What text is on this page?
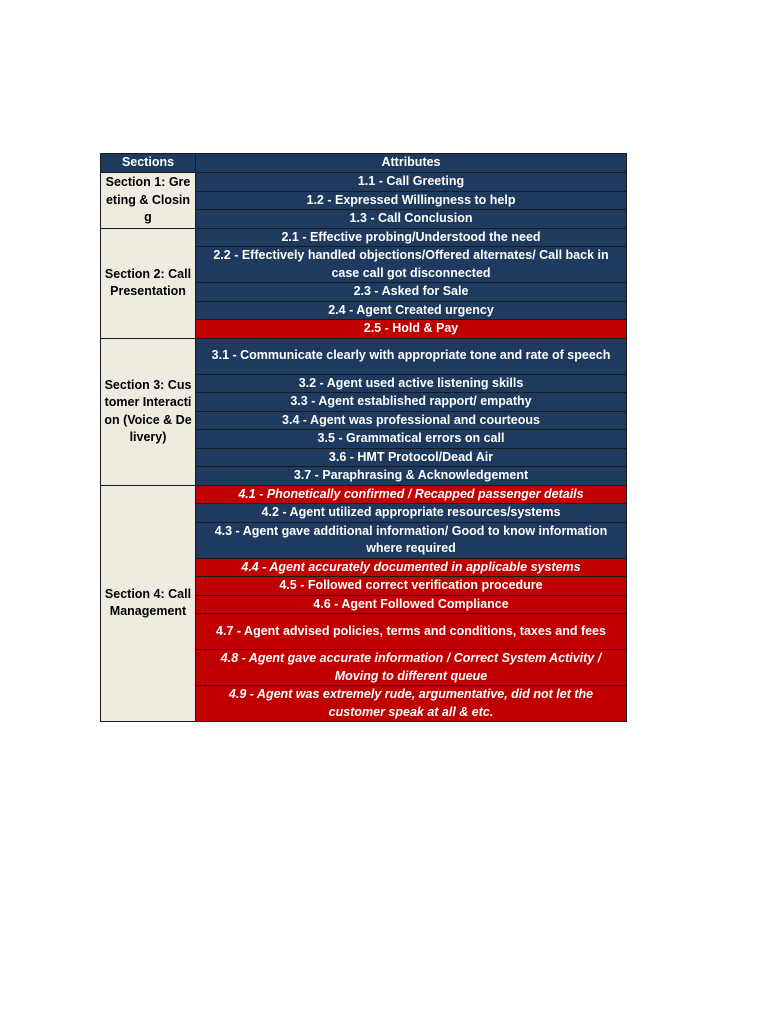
Sections	Attributes
Section 1: Greeting & Closing	1.1 - Call Greeting
	1.2 - Expressed Willingness to help
	1.3 - Call Conclusion
Section 2: Call Presentation	2.1 - Effective probing/Understood the need
	2.2 - Effectively handled objections/Offered alternates/ Call back in case call got disconnected
	2.3 - Asked for Sale
	2.4 - Agent Created urgency
	2.5 - Hold & Pay
Section 3: Customer Interaction (Voice & Delivery)	3.1 - Communicate clearly with appropriate tone and rate of speech
	3.2 - Agent used active listening skills
	3.3 - Agent established rapport/ empathy
	3.4 - Agent was professional and courteous
	3.5 - Grammatical errors on call
	3.6 - HMT Protocol/Dead Air
	3.7 - Paraphrasing & Acknowledgement
Section 4: Call Management	4.1 - Phonetically confirmed / Recapped passenger details
	4.2 - Agent utilized appropriate resources/systems
	4.3 - Agent gave additional information/ Good to know information where required
	4.4 - Agent accurately documented in applicable systems
	4.5 - Followed correct verification procedure
	4.6 - Agent Followed Compliance
	4.7 - Agent advised policies, terms and conditions, taxes and fees
	4.8 - Agent gave accurate information / Correct System Activity / Moving to different queue
	4.9 - Agent was extremely rude, argumentative, did not let the customer speak at all & etc.
